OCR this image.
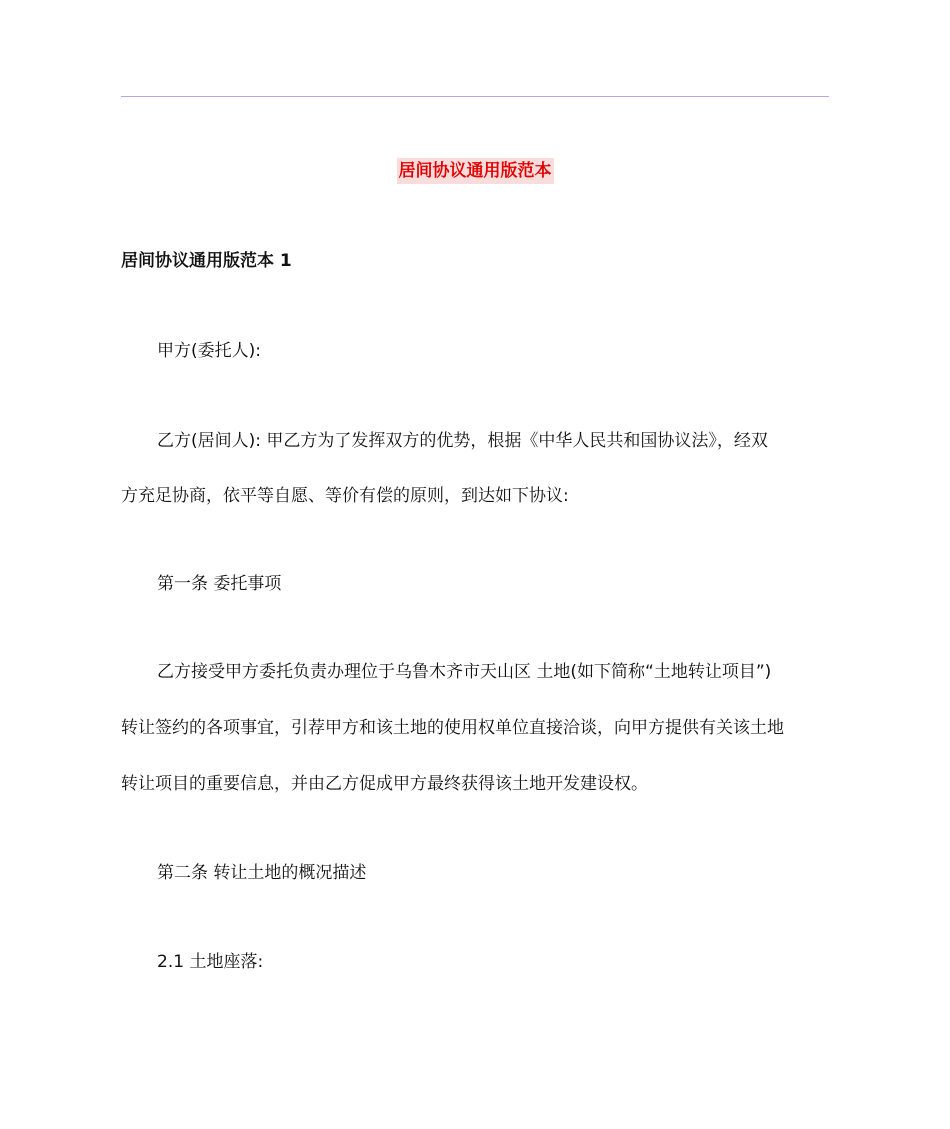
居间协议通用版范本
居间协议通用版范本 1
甲方(委托人):
乙方(居间人): 甲乙方为了发挥双方的优势，根据《中华人民共和国协议法》，经双
方充足协商，依平等自愿、等价有偿的原则，到达如下协议:
第一条 委托事项
乙方接受甲方委托负责办理位于乌鲁木齐市天山区 土地(如下简称“土地转让项目”)
转让签约的各项事宜，引荐甲方和该土地的使用权单位直接洽谈，向甲方提供有关该土地
转让项目的重要信息，并由乙方促成甲方最终获得该土地开发建设权。
第二条 转让土地的概况描述
2.1 土地座落:
